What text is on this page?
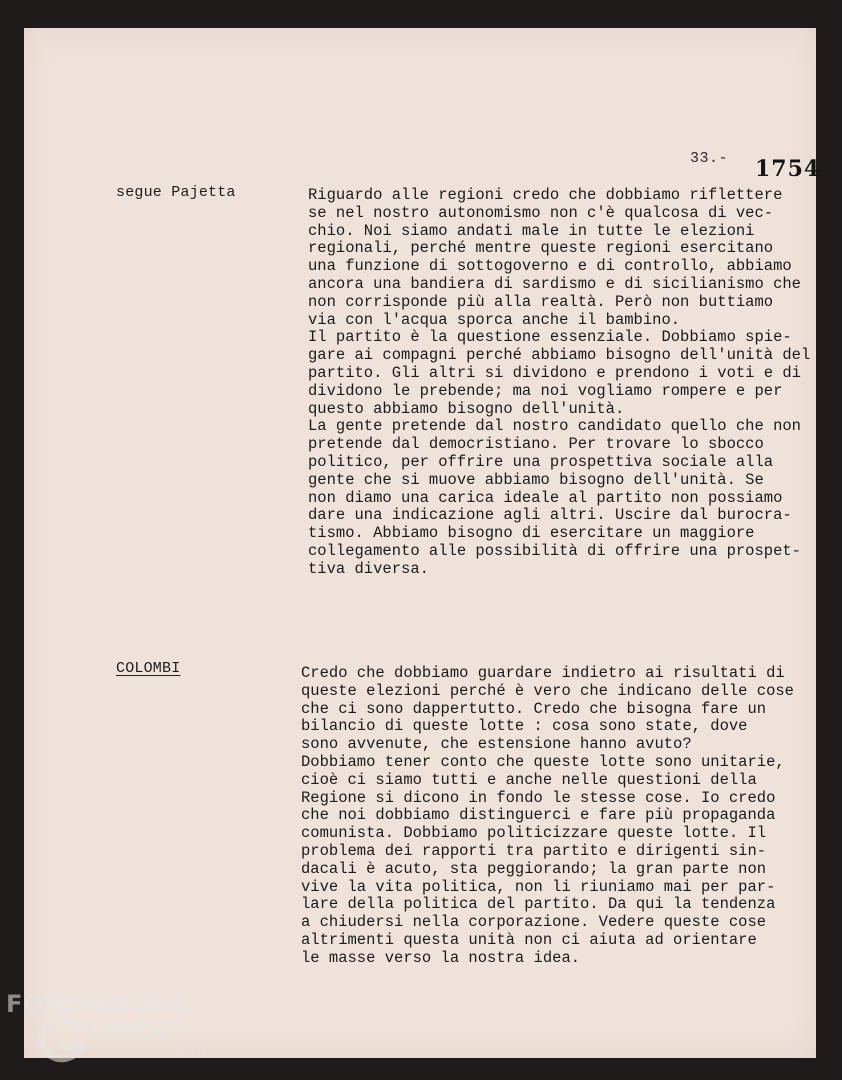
33.- 1754
segue Pajetta	Riguardo alle regioni credo che dobbiamo riflettere
se nel nostro autonomismo non c'è qualcosa di vec-
chio. Noi siamo andati male in tutte le elezioni
regionali, perché mentre queste regioni esercitano
una funzione di sottogoverno e di controllo, abbiamo
ancora una bandiera di sardismo e di sicilianismo che
non corrisponde più alla realtà. Però non buttiamo
via con l'acqua sporca anche il bambino.
Il partito è la questione essenziale. Dobbiamo spie-
gare ai compagni perché abbiamo bisogno dell'unità del
partito. Gli altri si dividono e prendono i voti e di
dividono le prebende; ma noi vogliamo rompere e per
questo abbiamo bisogno dell'unità.
La gente pretende dal nostro candidato quello che non
pretende dal democristiano. Per trovare lo sbocco
politico, per offrire una prospettiva sociale alla
gente che si muove abbiamo bisogno dell'unità. Se
non diamo una carica ideale al partito non possiamo
dare una indicazione agli altri. Uscire dal burocra-
tismo. Abbiamo bisogno di esercitare un maggiore
collegamento alle possibilità di offrire una prospet-
tiva diversa.
COLOMBI	Credo che dobbiamo guardare indietro ai risultati di
queste elezioni perché è vero che indicano delle cose
che ci sono dappertutto. Credo che bisogna fare un
bilancio di queste lotte : cosa sono state, dove
sono avvenute, che estensione hanno avuto?
Dobbiamo tener conto che queste lotte sono unitarie,
cioè ci siamo tutti e anche nelle questioni della
Regione si dicono in fondo le stesse cose. Io credo
che noi dobbiamo distinguerci e fare più propaganda
comunista. Dobbiamo politicizzare queste lotte. Il
problema dei rapporti tra partito e dirigenti sin-
dacali è acuto, sta peggiorando; la gran parte non
vive la vita politica, non li riuniamo mai per par-
lare della politica del partito. Da qui la tendenza
a chiudersi nella corporazione. Vedere queste cose
altrimenti questa unità non ci aiuta ad orientare
le masse verso la nostra idea.
FONDAZIONE
RAMSCI
onlus
